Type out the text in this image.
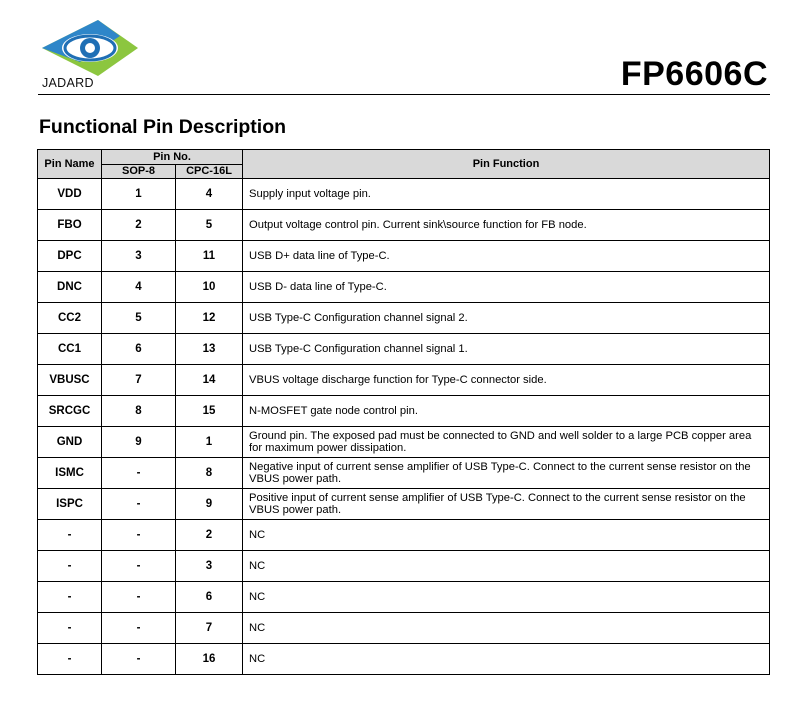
JADARD	FP6606C
Functional Pin Description
Pin Name	Pin No.		Pin Function
	SOP-8	CPC-16L	
VDD	1	4	Supply input voltage pin.
FBO	2	5	Output voltage control pin. Current sink\source function for FB node.
DPC	3	11	USB D+ data line of Type-C.
DNC	4	10	USB D- data line of Type-C.
CC2	5	12	USB Type-C Configuration channel signal 2.
CC1	6	13	USB Type-C Configuration channel signal 1.
VBUSC	7	14	VBUS voltage discharge function for Type-C connector side.
SRCGC	8	15	N-MOSFET gate node control pin.
GND	9	1	Ground pin. The exposed pad must be connected to GND and well solder to a large PCB copper area for maximum power dissipation.
ISMC	-	8	Negative input of current sense amplifier of USB Type-C. Connect to the current sense resistor on the VBUS power path.
ISPC	-	9	Positive input of current sense amplifier of USB Type-C. Connect to the current sense resistor on the VBUS power path.
-	-	2	NC
-	-	3	NC
-	-	6	NC
-	-	7	NC
-	-	16	NC
